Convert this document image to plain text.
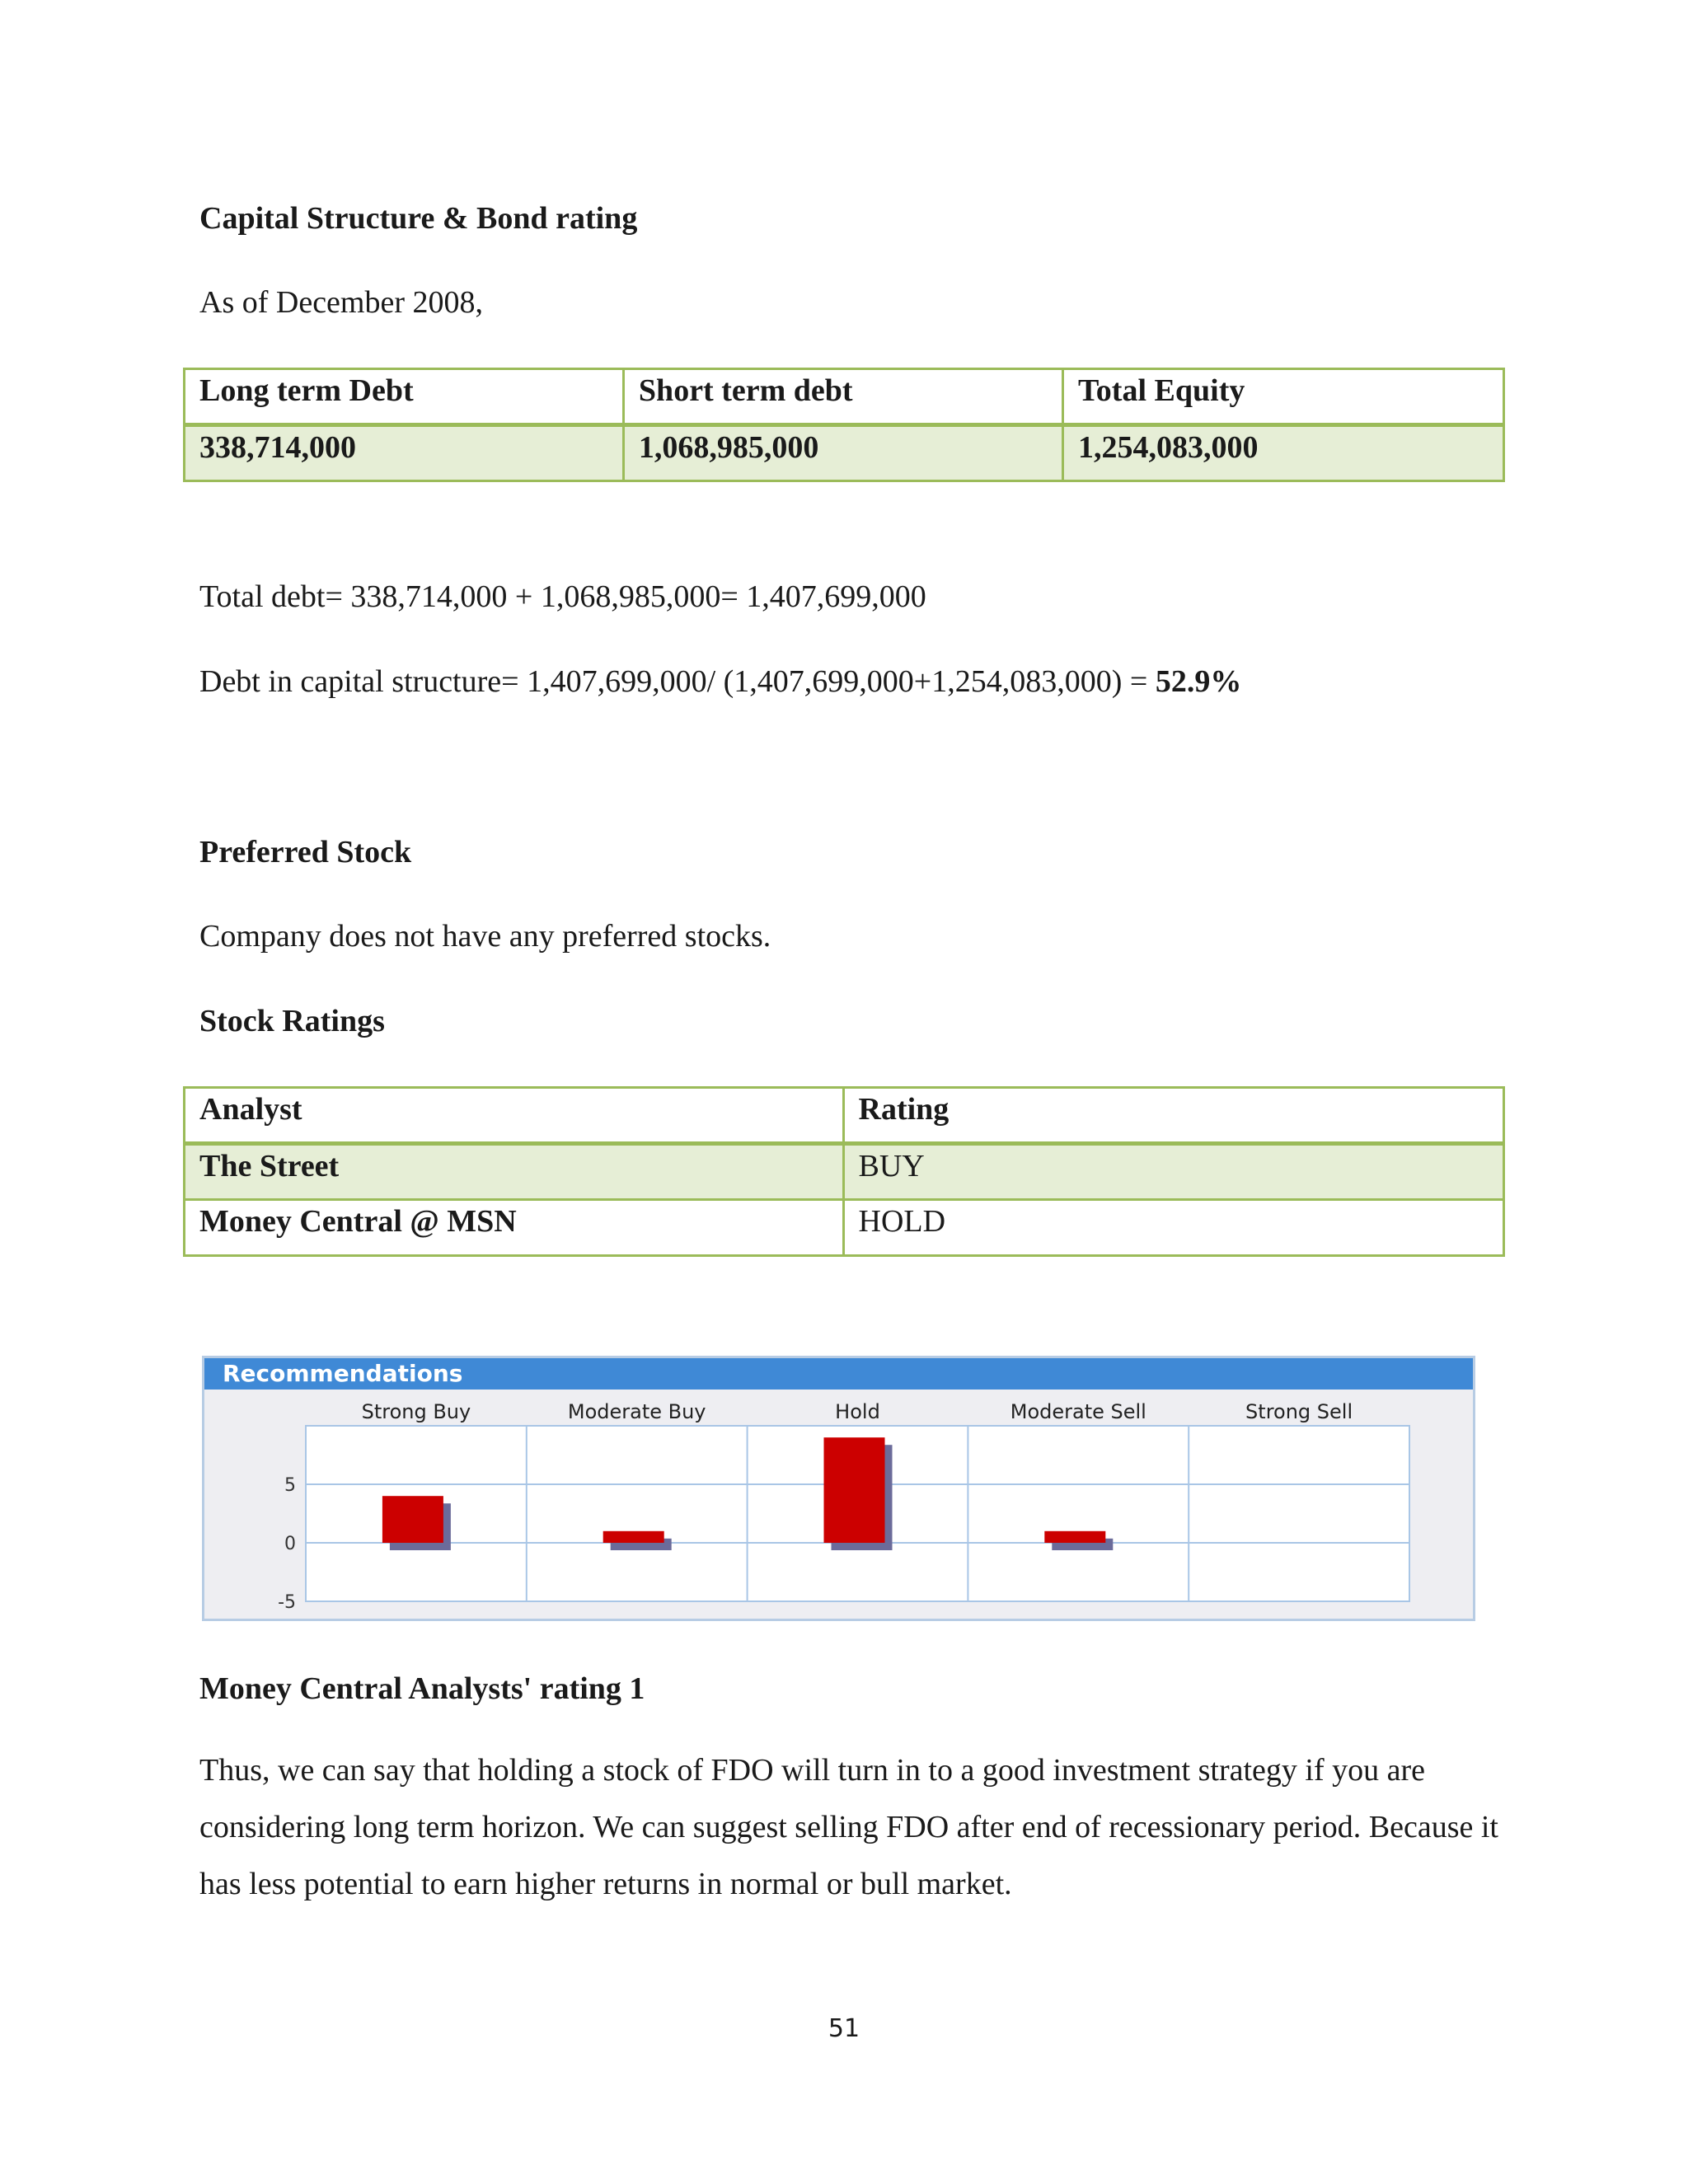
Capital Structure & Bond rating

As of December 2008,

Long term Debt	Short term debt	Total Equity
338,714,000	1,068,985,000	1,254,083,000

Total debt= 338,714,000 + 1,068,985,000= 1,407,699,000

Debt in capital structure= 1,407,699,000/ (1,407,699,000+1,254,083,000) = 52.9%

Preferred Stock

Company does not have any preferred stocks.

Stock Ratings
Analyst	Rating
The Street	BUY
Money Central @ MSN	HOLD
Recommendations
5
0
-5
Strong Buy	Moderate Buy	Hold	Moderate Sell	Strong Sell
Money Central Analysts' rating 1

Thus, we can say that holding a stock of FDO will turn in to a good investment strategy if you are considering long term horizon. We can suggest selling FDO after end of recessionary period. Because it has less potential to earn higher returns in normal or bull market.

51
